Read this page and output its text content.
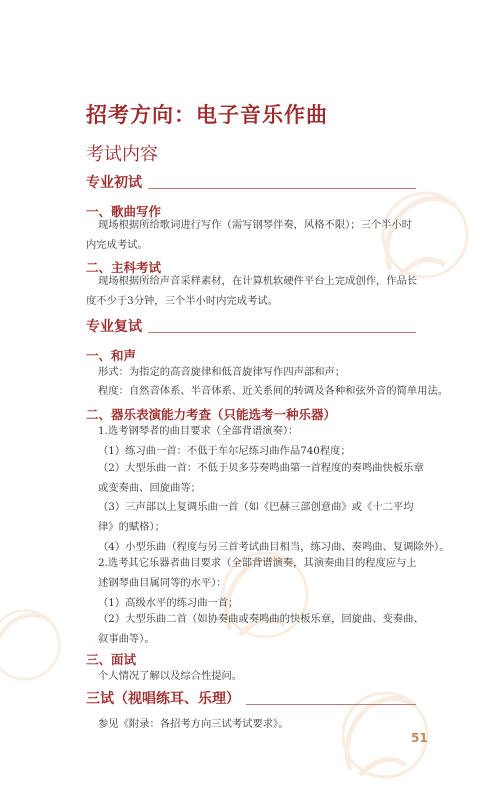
招考方向：电子音乐作曲
考试内容
专业初试
一、歌曲写作
现场根据所给歌词进行写作（需写钢琴伴奏，风格不限）；三个半小时内完成考试。
二、主科考试
现场根据所给声音采样素材，在计算机软硬件平台上完成创作，作品长度不少于3分钟，三个半小时内完成考试。
专业复试
一、和声
形式：为指定的高音旋律和低音旋律写作四声部和声；
程度：自然音体系、半音体系、近关系间的转调及各种和弦外音的简单用法。
二、器乐表演能力考查（只能选考一种乐器）
1.选考钢琴者的曲目要求（全部背谱演奏）：
（1）练习曲一首：不低于车尔尼练习曲作品740程度；
（2）大型乐曲一首：不低于贝多芬奏鸣曲第一首程度的奏鸣曲快板乐章或变奏曲、回旋曲等；
（3）三声部以上复调乐曲一首（如《巴赫三部创意曲》或《十二平均律》的赋格）；
（4）小型乐曲（程度与另三首考试曲目相当，练习曲、奏鸣曲、复调除外）。
2.选考其它乐器者曲目要求（全部背谱演奏，其演奏曲目的程度应与上述钢琴曲目属同等的水平）：
（1）高级水平的练习曲一首；
（2）大型乐曲二首（如协奏曲或奏鸣曲的快板乐章，回旋曲、变奏曲、叙事曲等）。
三、面试
个人情况了解以及综合性提问。
三试（视唱练耳、乐理）
参见《附录：各招考方向三试考试要求》。
51
